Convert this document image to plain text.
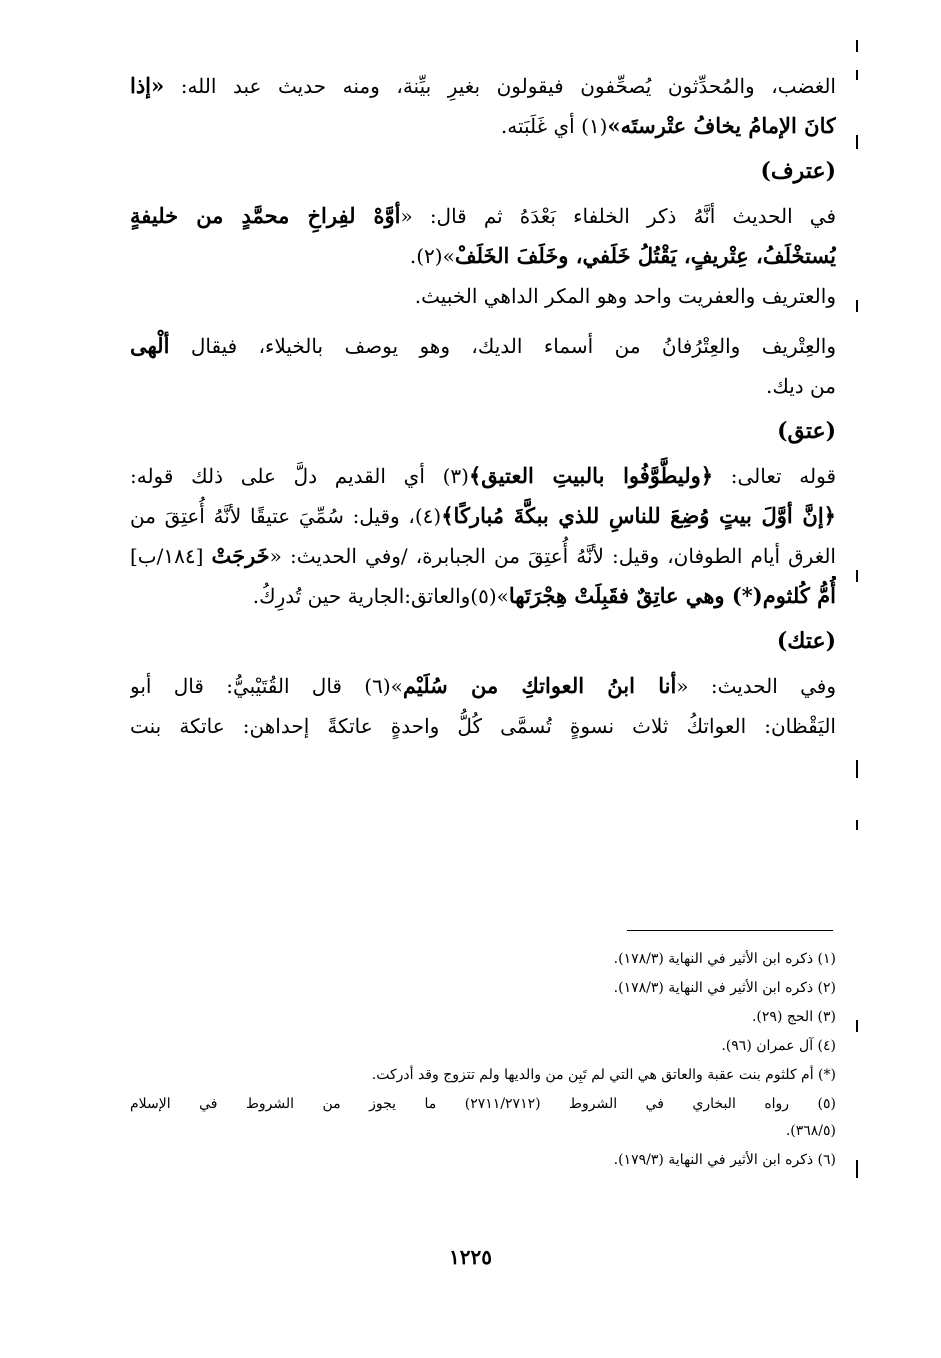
الغضب، والمُحدِّثون يُصحِّفون فيقولون بغيرِ بيِّنة، ومنه حديث عبد الله: «إذا
كانَ الإمامُ يخافُ عتْرستَه»(١) أي غَلَبَته.
(عترف)
في الحديث أنَّهُ ذكر الخلفاء بَعْدَهُ ثم قال: «أوَّهْ لفِراخِ محمَّدٍ من خليفةٍ
يُستخْلَفُ، عِتْريفٍ، يَقْتُلُ خَلَفي، وخَلَفَ الخَلَفْ»(٢).
والعتريف والعفريت واحد وهو المكر الداهي الخبيث.
والعِتْريف والعِتْرُفانُ من أسماء الديك، وهو يوصف بالخيلاء، فيقال ألْهى
من ديك.
(عتق)
قوله تعالى: ﴿وليطَّوَّفُوا بالبيتِ العتيق﴾(٣) أي القديم دلَّ على ذلك قوله:
﴿إنَّ أوَّلَ بيتٍ وُضِعَ للناسِ للذي ببكَّةَ مُباركًا﴾(٤)، وقيل: سُمِّيَ عتيقًا لأنَّهُ أُعتِقَ من
الغرق أيام الطوفان، وقيل: لأنَّهُ أُعتِقَ من الجبابرة، /وفي الحديث: «خَرجَتْ [١٨٤/ب]
أُمُّ كُلثوم(*) وهي عاتِقٌ فقَبِلَتْ هِجْرَتَها»(٥)والعاتق:الجارية حين تُدرِكُ.
(عتك)
وفي الحديث: «أنا ابنُ العواتكِ من سُلَيْم»(٦) قال القُتَيْبيُّ: قال أبو
اليَقْظان: العواتكُ ثلاث نسوةٍ تُسمَّى كُلُّ واحدةٍ عاتكةً إحداهن: عاتكة بنت
(١) ذكره ابن الأثير في النهاية (١٧٨/٣).
(٢) ذكره ابن الأثير في النهاية (١٧٨/٣).
(٣) الحج (٢٩).
(٤) آل عمران (٩٦).
(*) أم كلثوم بنت عقبة والعاتق هي التي لم تَبِن من والديها ولم تتزوج وقد أدركت.
(٥) رواه البخاري في الشروط (٢٧١١/٢٧١٢) ما يجوز من الشروط في الإسلام
(٣٦٨/٥).
(٦) ذكره ابن الأثير في النهاية (١٧٩/٣).
١٢٢٥
